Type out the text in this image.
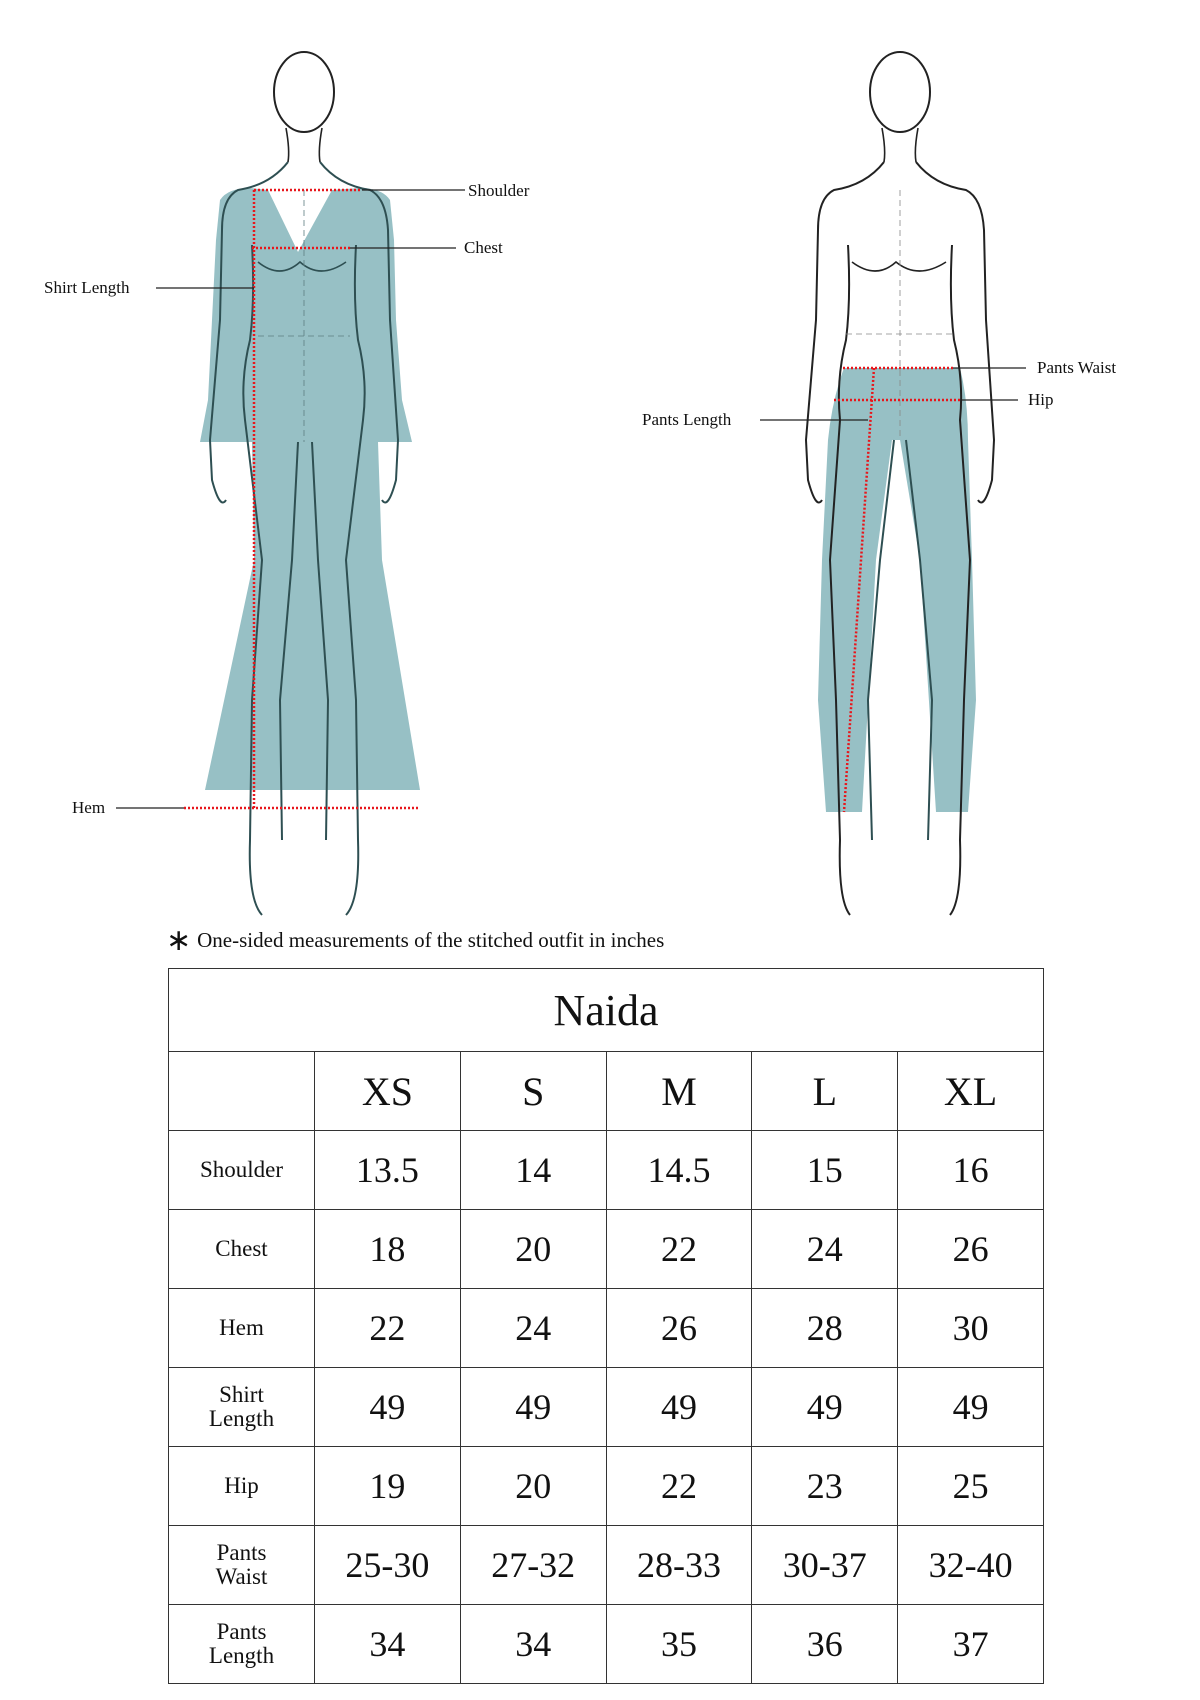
Shoulder
Chest
Shirt Length
Hem
Pants Waist
Hip
Pants Length
∗ One-sided measurements of the stitched outfit in inches
Naida					
	XS	S	M	L	XL
Shoulder	13.5	14	14.5	15	16
Chest	18	20	22	24	26
Hem	22	24	26	28	30
Shirt Length	49	49	49	49	49
Hip	19	20	22	23	25
Pants Waist	25-30	27-32	28-33	30-37	32-40
Pants Length	34	34	35	36	37
